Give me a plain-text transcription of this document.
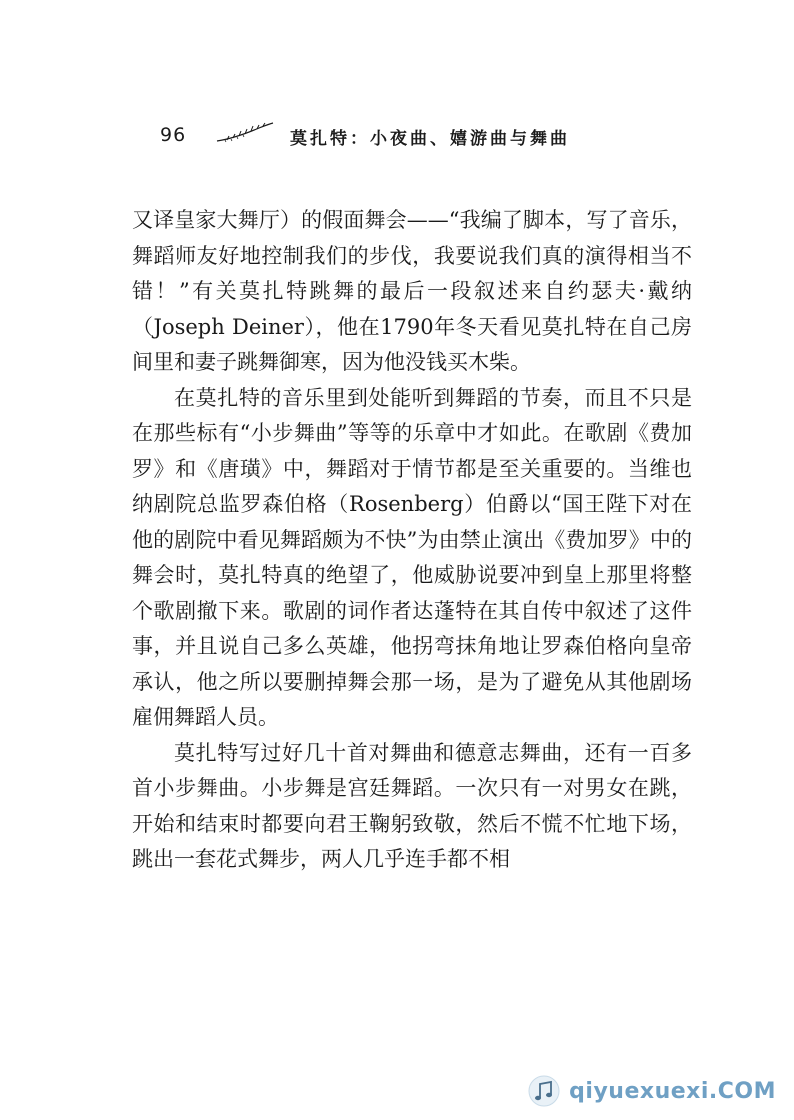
96	莫扎特：小夜曲、嬉游曲与舞曲

又译皇家大舞厅）的假面舞会——“我编了脚本，写了音乐，舞蹈师友好地控制我们的步伐，我要说我们真的演得相当不错！”有关莫扎特跳舞的最后一段叙述来自约瑟夫·戴纳（Joseph Deiner），他在1790年冬天看见莫扎特在自己房间里和妻子跳舞御寒，因为他没钱买木柴。

在莫扎特的音乐里到处能听到舞蹈的节奏，而且不只是在那些标有“小步舞曲”等等的乐章中才如此。在歌剧《费加罗》和《唐璜》中，舞蹈对于情节都是至关重要的。当维也纳剧院总监罗森伯格（Rosenberg）伯爵以“国王陛下对在他的剧院中看见舞蹈颇为不快”为由禁止演出《费加罗》中的舞会时，莫扎特真的绝望了，他威胁说要冲到皇上那里将整个歌剧撤下来。歌剧的词作者达蓬特在其自传中叙述了这件事，并且说自己多么英雄，他拐弯抹角地让罗森伯格向皇帝承认，他之所以要删掉舞会那一场，是为了避免从其他剧场雇佣舞蹈人员。

莫扎特写过好几十首对舞曲和德意志舞曲，还有一百多首小步舞曲。小步舞是宫廷舞蹈。一次只有一对男女在跳，开始和结束时都要向君王鞠躬致敬，然后不慌不忙地下场，跳出一套花式舞步，两人几乎连手都不相

qiyuexuexi.COM
